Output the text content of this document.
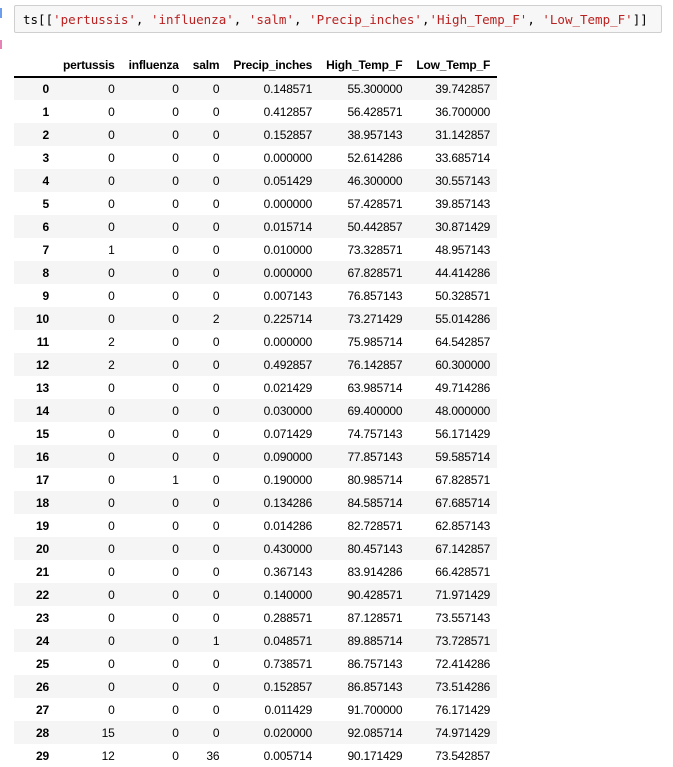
ts[['pertussis', 'influenza', 'salm', 'Precip_inches','High_Temp_F', 'Low_Temp_F']]
	pertussis	influenza	salm	Precip_inches	High_Temp_F	Low_Temp_F
0	0	0	0	0.148571	55.300000	39.742857
1	0	0	0	0.412857	56.428571	36.700000
2	0	0	0	0.152857	38.957143	31.142857
3	0	0	0	0.000000	52.614286	33.685714
4	0	0	0	0.051429	46.300000	30.557143
5	0	0	0	0.000000	57.428571	39.857143
6	0	0	0	0.015714	50.442857	30.871429
7	1	0	0	0.010000	73.328571	48.957143
8	0	0	0	0.000000	67.828571	44.414286
9	0	0	0	0.007143	76.857143	50.328571
10	0	0	2	0.225714	73.271429	55.014286
11	2	0	0	0.000000	75.985714	64.542857
12	2	0	0	0.492857	76.142857	60.300000
13	0	0	0	0.021429	63.985714	49.714286
14	0	0	0	0.030000	69.400000	48.000000
15	0	0	0	0.071429	74.757143	56.171429
16	0	0	0	0.090000	77.857143	59.585714
17	0	1	0	0.190000	80.985714	67.828571
18	0	0	0	0.134286	84.585714	67.685714
19	0	0	0	0.014286	82.728571	62.857143
20	0	0	0	0.430000	80.457143	67.142857
21	0	0	0	0.367143	83.914286	66.428571
22	0	0	0	0.140000	90.428571	71.971429
23	0	0	0	0.288571	87.128571	73.557143
24	0	0	1	0.048571	89.885714	73.728571
25	0	0	0	0.738571	86.757143	72.414286
26	0	0	0	0.152857	86.857143	73.514286
27	0	0	0	0.011429	91.700000	76.171429
28	15	0	0	0.020000	92.085714	74.971429
29	12	0	36	0.005714	90.171429	73.542857
